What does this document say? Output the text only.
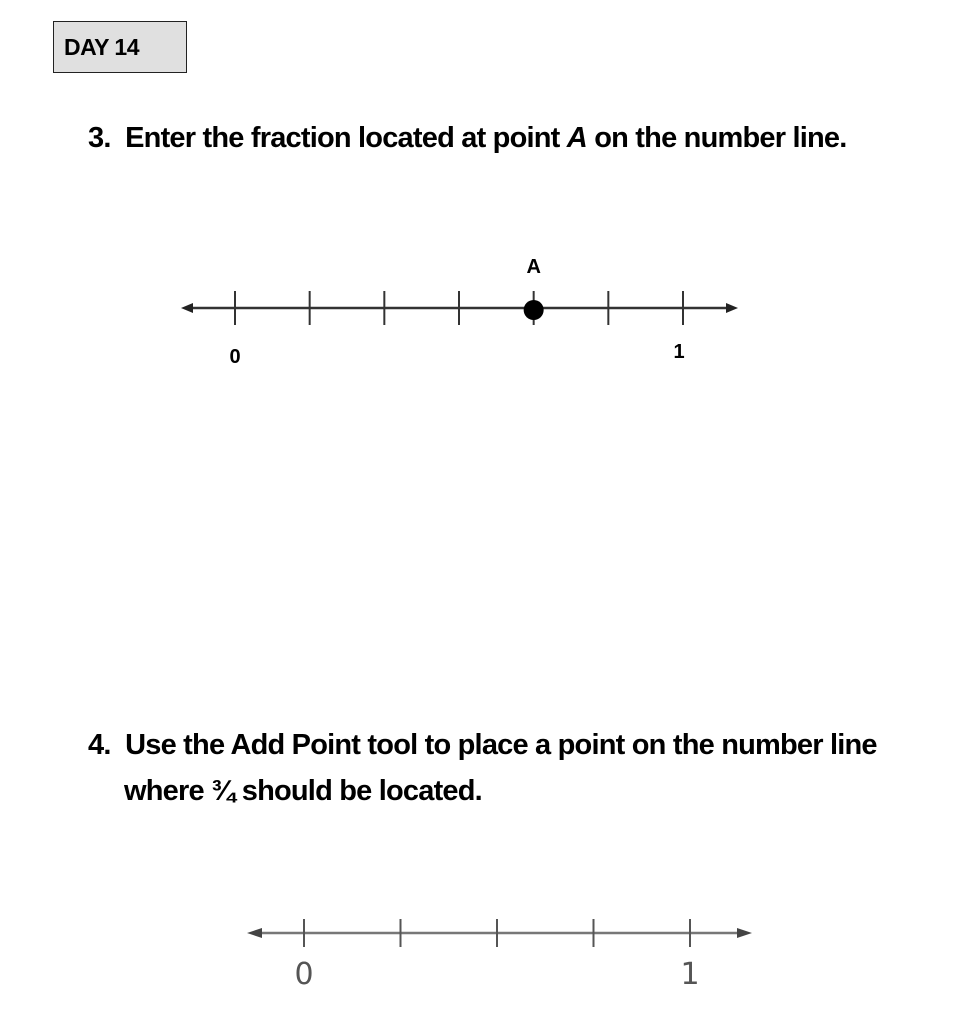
DAY 14
3. Enter the fraction located at point A on the number line.
4. Use the Add Point tool to place a point on the number line
where ¾ should be located.
0	1
A
0	1
